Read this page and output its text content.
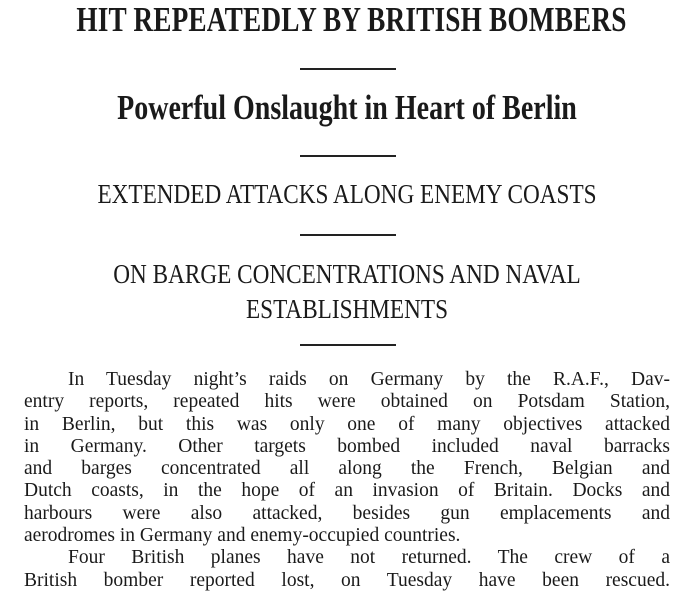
HIT REPEATEDLY BY BRITISH BOMBERS
Powerful Onslaught in Heart of Berlin
EXTENDED ATTACKS ALONG ENEMY COASTS
ON BARGE CONCENTRATIONS AND NAVAL
ESTABLISHMENTS
In Tuesday night’s raids on Germany by the R.A.F., Dav-
entry reports, repeated hits were obtained on Potsdam Station,
in Berlin, but this was only one of many objectives attacked
in Germany. Other targets bombed included naval barracks
and barges concentrated all along the French, Belgian and
Dutch coasts, in the hope of an invasion of Britain. Docks and
harbours were also attacked, besides gun emplacements and
aerodromes in Germany and enemy-occupied countries.
Four British planes have not returned. The crew of a
British bomber reported lost, on Tuesday have been rescued.
